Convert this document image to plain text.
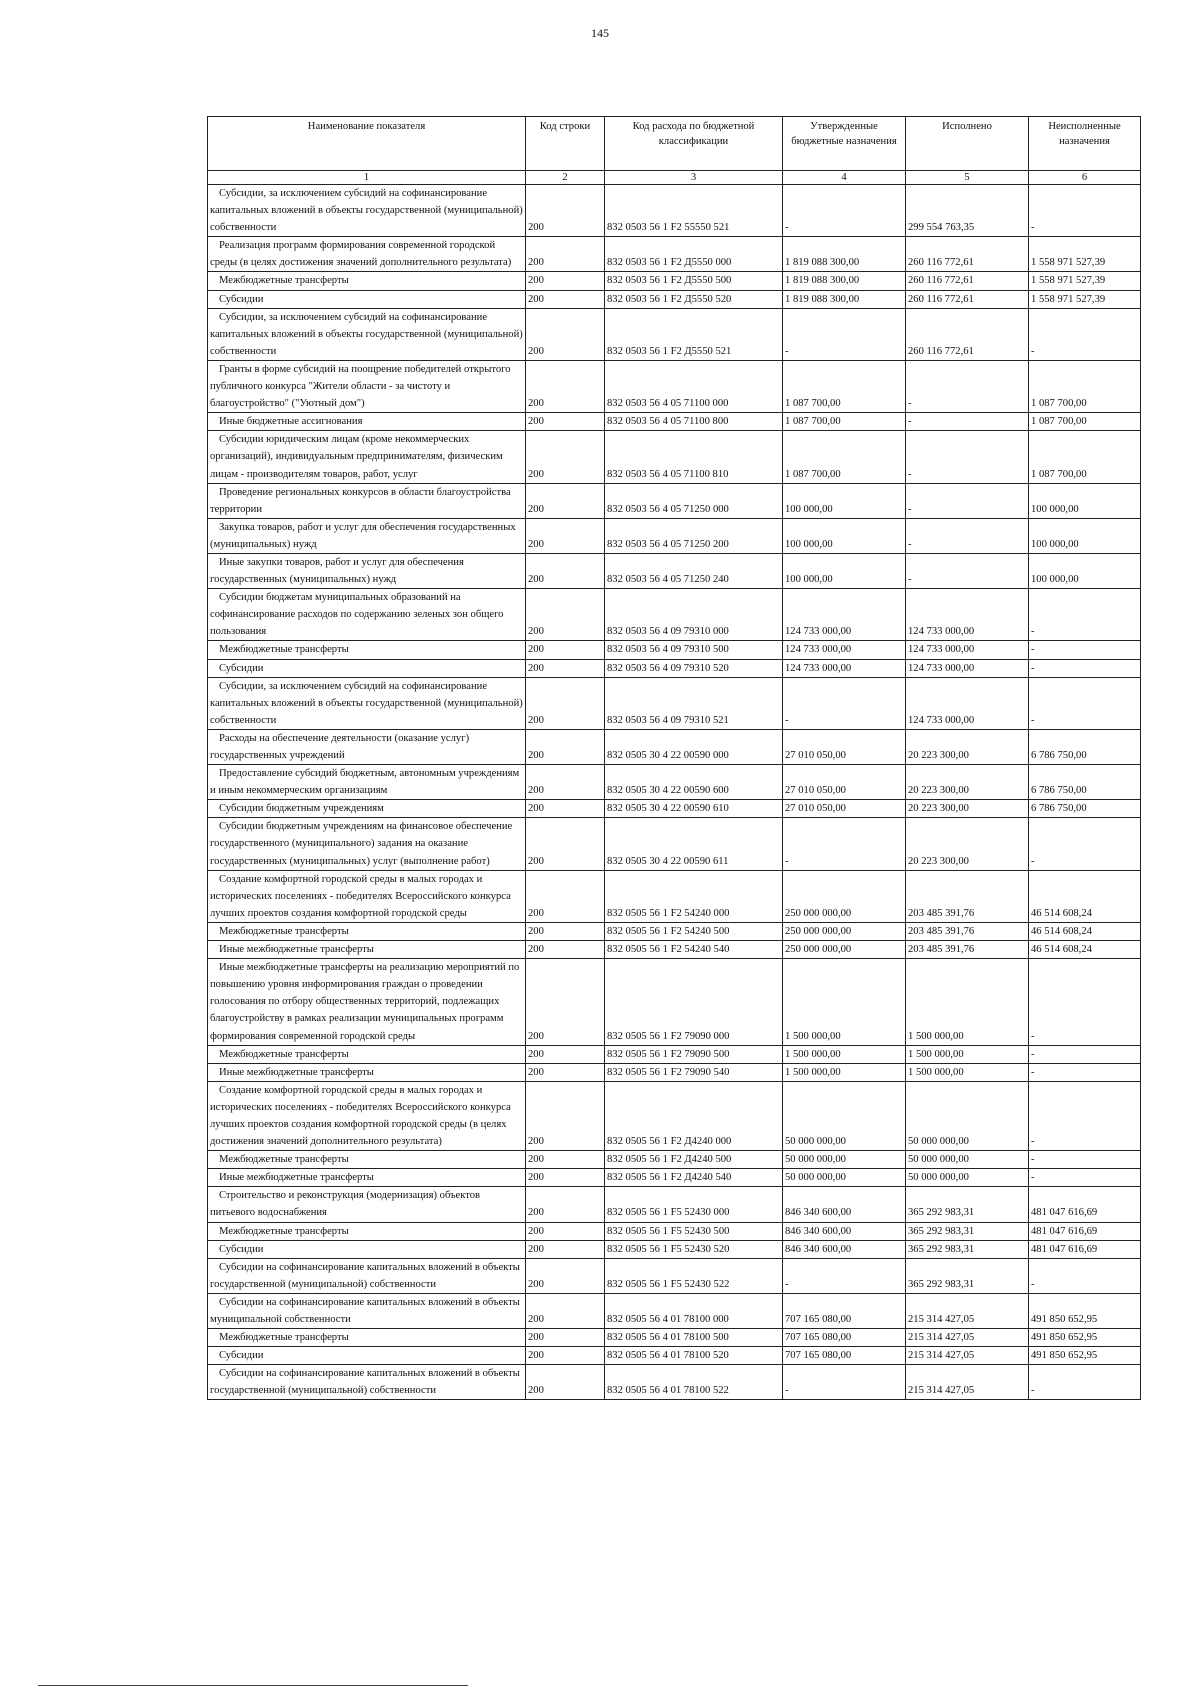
145
Наименование показателя	Код строки	Код расхода по бюджетной классификации	Утвержденные бюджетные назначения	Исполнено	Неисполненные назначения
1	2	3	4	5	6
Субсидии, за исключением субсидий на софинансирование капитальных вложений в объекты государственной (муниципальной) собственности	200	832 0503 56 1 F2 55550 521	-	299 554 763,35	-
Реализация программ формирования современной городской среды (в целях достижения значений дополнительного результата)	200	832 0503 56 1 F2 Д5550 000	1 819 088 300,00	260 116 772,61	1 558 971 527,39
Межбюджетные трансферты	200	832 0503 56 1 F2 Д5550 500	1 819 088 300,00	260 116 772,61	1 558 971 527,39
Субсидии	200	832 0503 56 1 F2 Д5550 520	1 819 088 300,00	260 116 772,61	1 558 971 527,39
Субсидии, за исключением субсидий на софинансирование капитальных вложений в объекты государственной (муниципальной) собственности	200	832 0503 56 1 F2 Д5550 521	-	260 116 772,61	-
Гранты в форме субсидий на поощрение победителей открытого публичного конкурса "Жители области - за чистоту и благоустройство" ("Уютный дом")	200	832 0503 56 4 05 71100 000	1 087 700,00	-	1 087 700,00
Иные бюджетные ассигнования	200	832 0503 56 4 05 71100 800	1 087 700,00	-	1 087 700,00
Субсидии юридическим лицам (кроме некоммерческих организаций), индивидуальным предпринимателям, физическим лицам - производителям товаров, работ, услуг	200	832 0503 56 4 05 71100 810	1 087 700,00	-	1 087 700,00
Проведение региональных конкурсов в области благоустройства территории	200	832 0503 56 4 05 71250 000	100 000,00	-	100 000,00
Закупка товаров, работ и услуг для обеспечения государственных (муниципальных) нужд	200	832 0503 56 4 05 71250 200	100 000,00	-	100 000,00
Иные закупки товаров, работ и услуг для обеспечения государственных (муниципальных) нужд	200	832 0503 56 4 05 71250 240	100 000,00	-	100 000,00
Субсидии бюджетам муниципальных образований на софинансирование расходов по содержанию зеленых зон общего пользования	200	832 0503 56 4 09 79310 000	124 733 000,00	124 733 000,00	-
Межбюджетные трансферты	200	832 0503 56 4 09 79310 500	124 733 000,00	124 733 000,00	-
Субсидии	200	832 0503 56 4 09 79310 520	124 733 000,00	124 733 000,00	-
Субсидии, за исключением субсидий на софинансирование капитальных вложений в объекты государственной (муниципальной) собственности	200	832 0503 56 4 09 79310 521	-	124 733 000,00	-
Расходы на обеспечение деятельности (оказание услуг) государственных учреждений	200	832 0505 30 4 22 00590 000	27 010 050,00	20 223 300,00	6 786 750,00
Предоставление субсидий бюджетным, автономным учреждениям и иным некоммерческим организациям	200	832 0505 30 4 22 00590 600	27 010 050,00	20 223 300,00	6 786 750,00
Субсидии бюджетным учреждениям	200	832 0505 30 4 22 00590 610	27 010 050,00	20 223 300,00	6 786 750,00
Субсидии бюджетным учреждениям на финансовое обеспечение государственного (муниципального) задания на оказание государственных (муниципальных) услуг (выполнение работ)	200	832 0505 30 4 22 00590 611	-	20 223 300,00	-
Создание комфортной городской среды в малых городах и исторических поселениях - победителях Всероссийского конкурса лучших проектов создания комфортной городской среды	200	832 0505 56 1 F2 54240 000	250 000 000,00	203 485 391,76	46 514 608,24
Межбюджетные трансферты	200	832 0505 56 1 F2 54240 500	250 000 000,00	203 485 391,76	46 514 608,24
Иные межбюджетные трансферты	200	832 0505 56 1 F2 54240 540	250 000 000,00	203 485 391,76	46 514 608,24
Иные межбюджетные трансферты на реализацию мероприятий по повышению уровня информирования граждан о проведении голосования по отбору общественных территорий, подлежащих благоустройству в рамках реализации муниципальных программ формирования современной городской среды	200	832 0505 56 1 F2 79090 000	1 500 000,00	1 500 000,00	-
Межбюджетные трансферты	200	832 0505 56 1 F2 79090 500	1 500 000,00	1 500 000,00	-
Иные межбюджетные трансферты	200	832 0505 56 1 F2 79090 540	1 500 000,00	1 500 000,00	-
Создание комфортной городской среды в малых городах и исторических поселениях - победителях Всероссийского конкурса лучших проектов создания комфортной городской среды (в целях достижения значений дополнительного результата)	200	832 0505 56 1 F2 Д4240 000	50 000 000,00	50 000 000,00	-
Межбюджетные трансферты	200	832 0505 56 1 F2 Д4240 500	50 000 000,00	50 000 000,00	-
Иные межбюджетные трансферты	200	832 0505 56 1 F2 Д4240 540	50 000 000,00	50 000 000,00	-
Строительство и реконструкция (модернизация) объектов питьевого водоснабжения	200	832 0505 56 1 F5 52430 000	846 340 600,00	365 292 983,31	481 047 616,69
Межбюджетные трансферты	200	832 0505 56 1 F5 52430 500	846 340 600,00	365 292 983,31	481 047 616,69
Субсидии	200	832 0505 56 1 F5 52430 520	846 340 600,00	365 292 983,31	481 047 616,69
Субсидии на софинансирование капитальных вложений в объекты государственной (муниципальной) собственности	200	832 0505 56 1 F5 52430 522	-	365 292 983,31	-
Субсидии на софинансирование капитальных вложений в объекты муниципальной собственности	200	832 0505 56 4 01 78100 000	707 165 080,00	215 314 427,05	491 850 652,95
Межбюджетные трансферты	200	832 0505 56 4 01 78100 500	707 165 080,00	215 314 427,05	491 850 652,95
Субсидии	200	832 0505 56 4 01 78100 520	707 165 080,00	215 314 427,05	491 850 652,95
Субсидии на софинансирование капитальных вложений в объекты государственной (муниципальной) собственности	200	832 0505 56 4 01 78100 522	-	215 314 427,05	-
